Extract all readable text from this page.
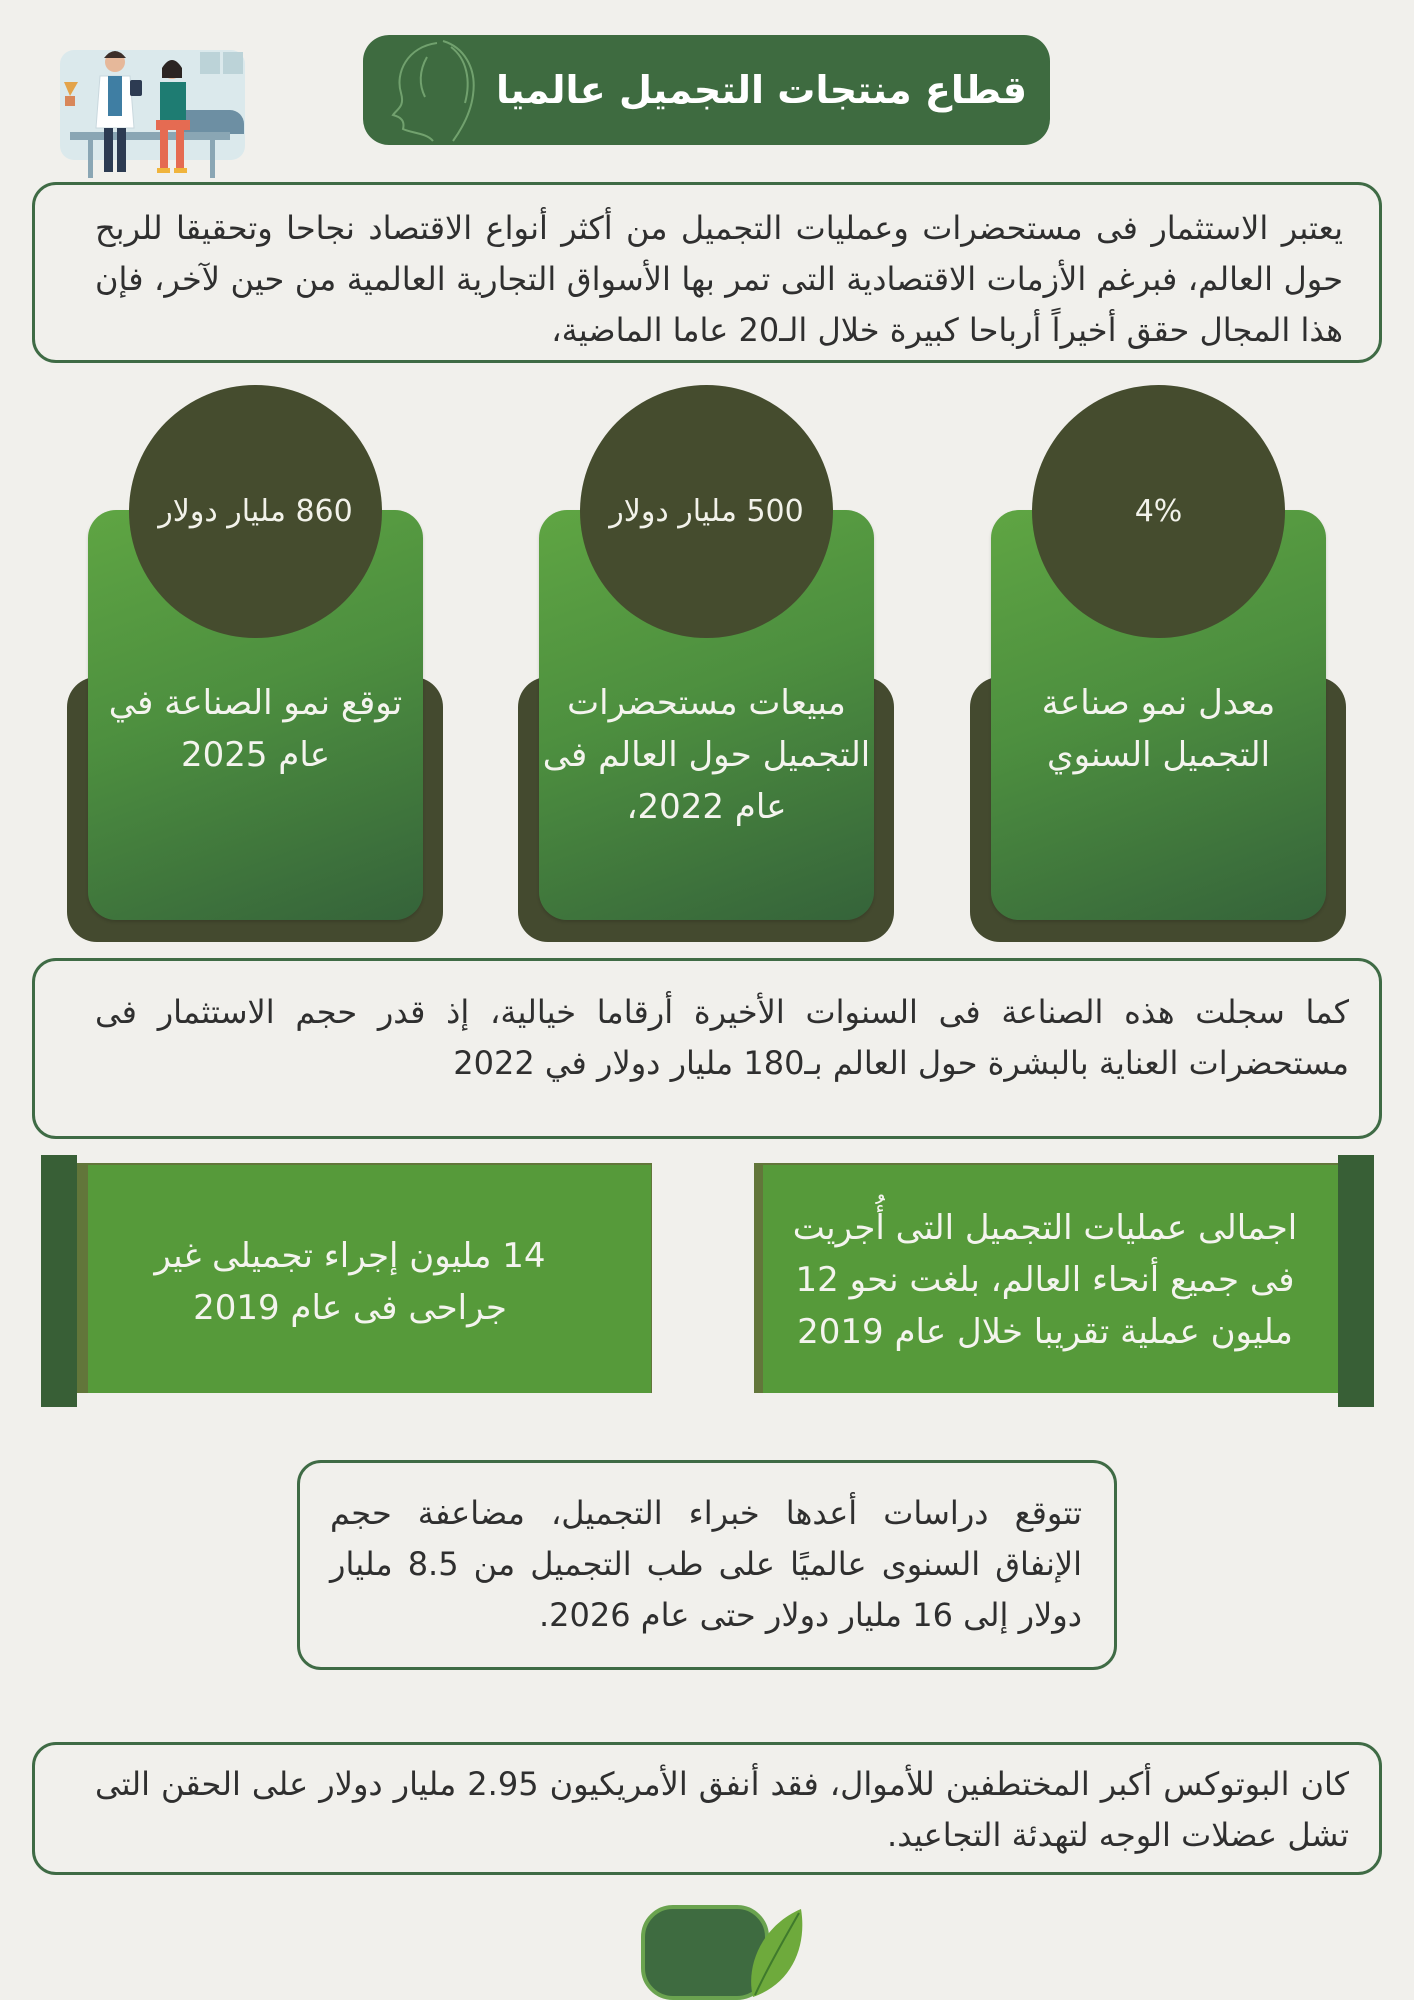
قطاع منتجات التجميل عالميا

يعتبر الاستثمار فى مستحضرات وعمليات التجميل من أكثر أنواع الاقتصاد نجاحا وتحقيقا للربح حول العالم، فبرغم الأزمات الاقتصادية التى تمر بها الأسواق التجارية العالمية من حين لآخر، فإن هذا المجال حقق أخيراً أرباحا كبيرة خلال الـ20 عاما الماضية،

معدل نمو صناعة التجميل السنوي
4%
مبيعات مستحضرات التجميل حول العالم فى عام 2022،
500 مليار دولار
توقع نمو الصناعة في عام 2025
860 مليار دولار

كما سجلت هذه الصناعة فى السنوات الأخيرة أرقاما خيالية، إذ قدر حجم الاستثمار فى مستحضرات العناية بالبشرة حول العالم بـ180 مليار دولار في 2022

اجمالى عمليات التجميل التى أُجريت فى جميع أنحاء العالم، بلغت نحو 12 مليون عملية تقريبا خلال عام 2019
14 مليون إجراء تجميلى غير جراحى فى عام 2019

تتوقع دراسات أعدها خبراء التجميل، مضاعفة حجم الإنفاق السنوى عالميًا على طب التجميل من 8.5 مليار دولار إلى 16 مليار دولار حتى عام 2026.

كان البوتوكس أكبر المختطفين للأموال، فقد أنفق الأمريكيون 2.95 مليار دولار على الحقن التى تشل عضلات الوجه لتهدئة التجاعيد.
